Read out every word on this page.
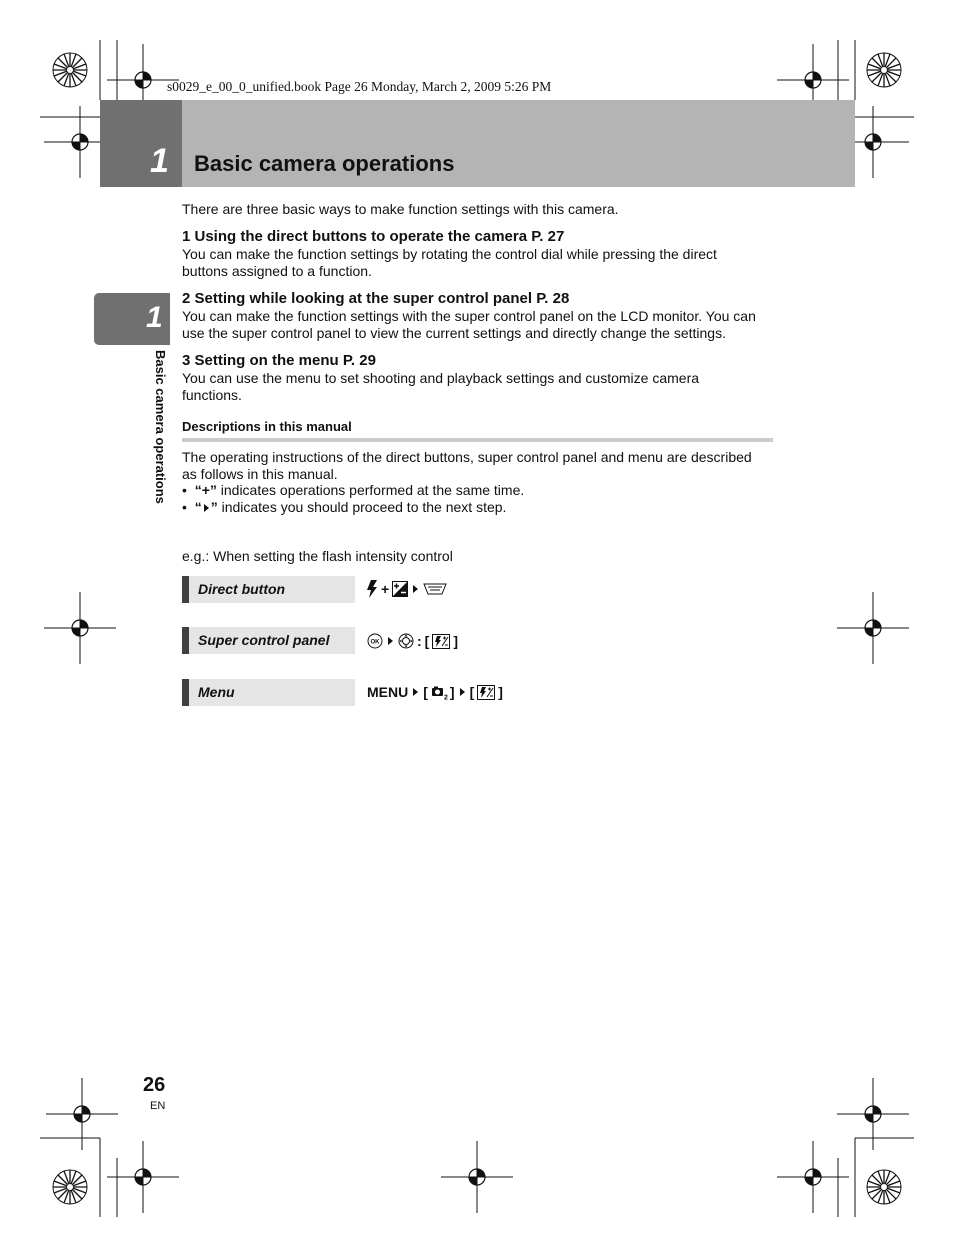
s0029_e_00_0_unified.book Page 26 Monday, March 2, 2009 5:26 PM
1	Basic camera operations
1
Basic camera operations
There are three basic ways to make function settings with this camera.
1 Using the direct buttons to operate the camera P. 27
You can make the function settings by rotating the control dial while pressing the direct
buttons assigned to a function.
2 Setting while looking at the super control panel P. 28
You can make the function settings with the super control panel on the LCD monitor. You can
use the super control panel to view the current settings and directly change the settings.
3 Setting on the menu P. 29
You can use the menu to set shooting and playback settings and customize camera
functions.
Descriptions in this manual
The operating instructions of the direct buttons, super control panel and menu are described
as follows in this manual.
•  “+” indicates operations performed at the same time.
•  “ ” indicates you should proceed to the next step.
e.g.: When setting the flash intensity control
Direct button	+
Super control panel	OK	: [ ]
Menu	MENU [ 2 ] [ ]
26
EN
